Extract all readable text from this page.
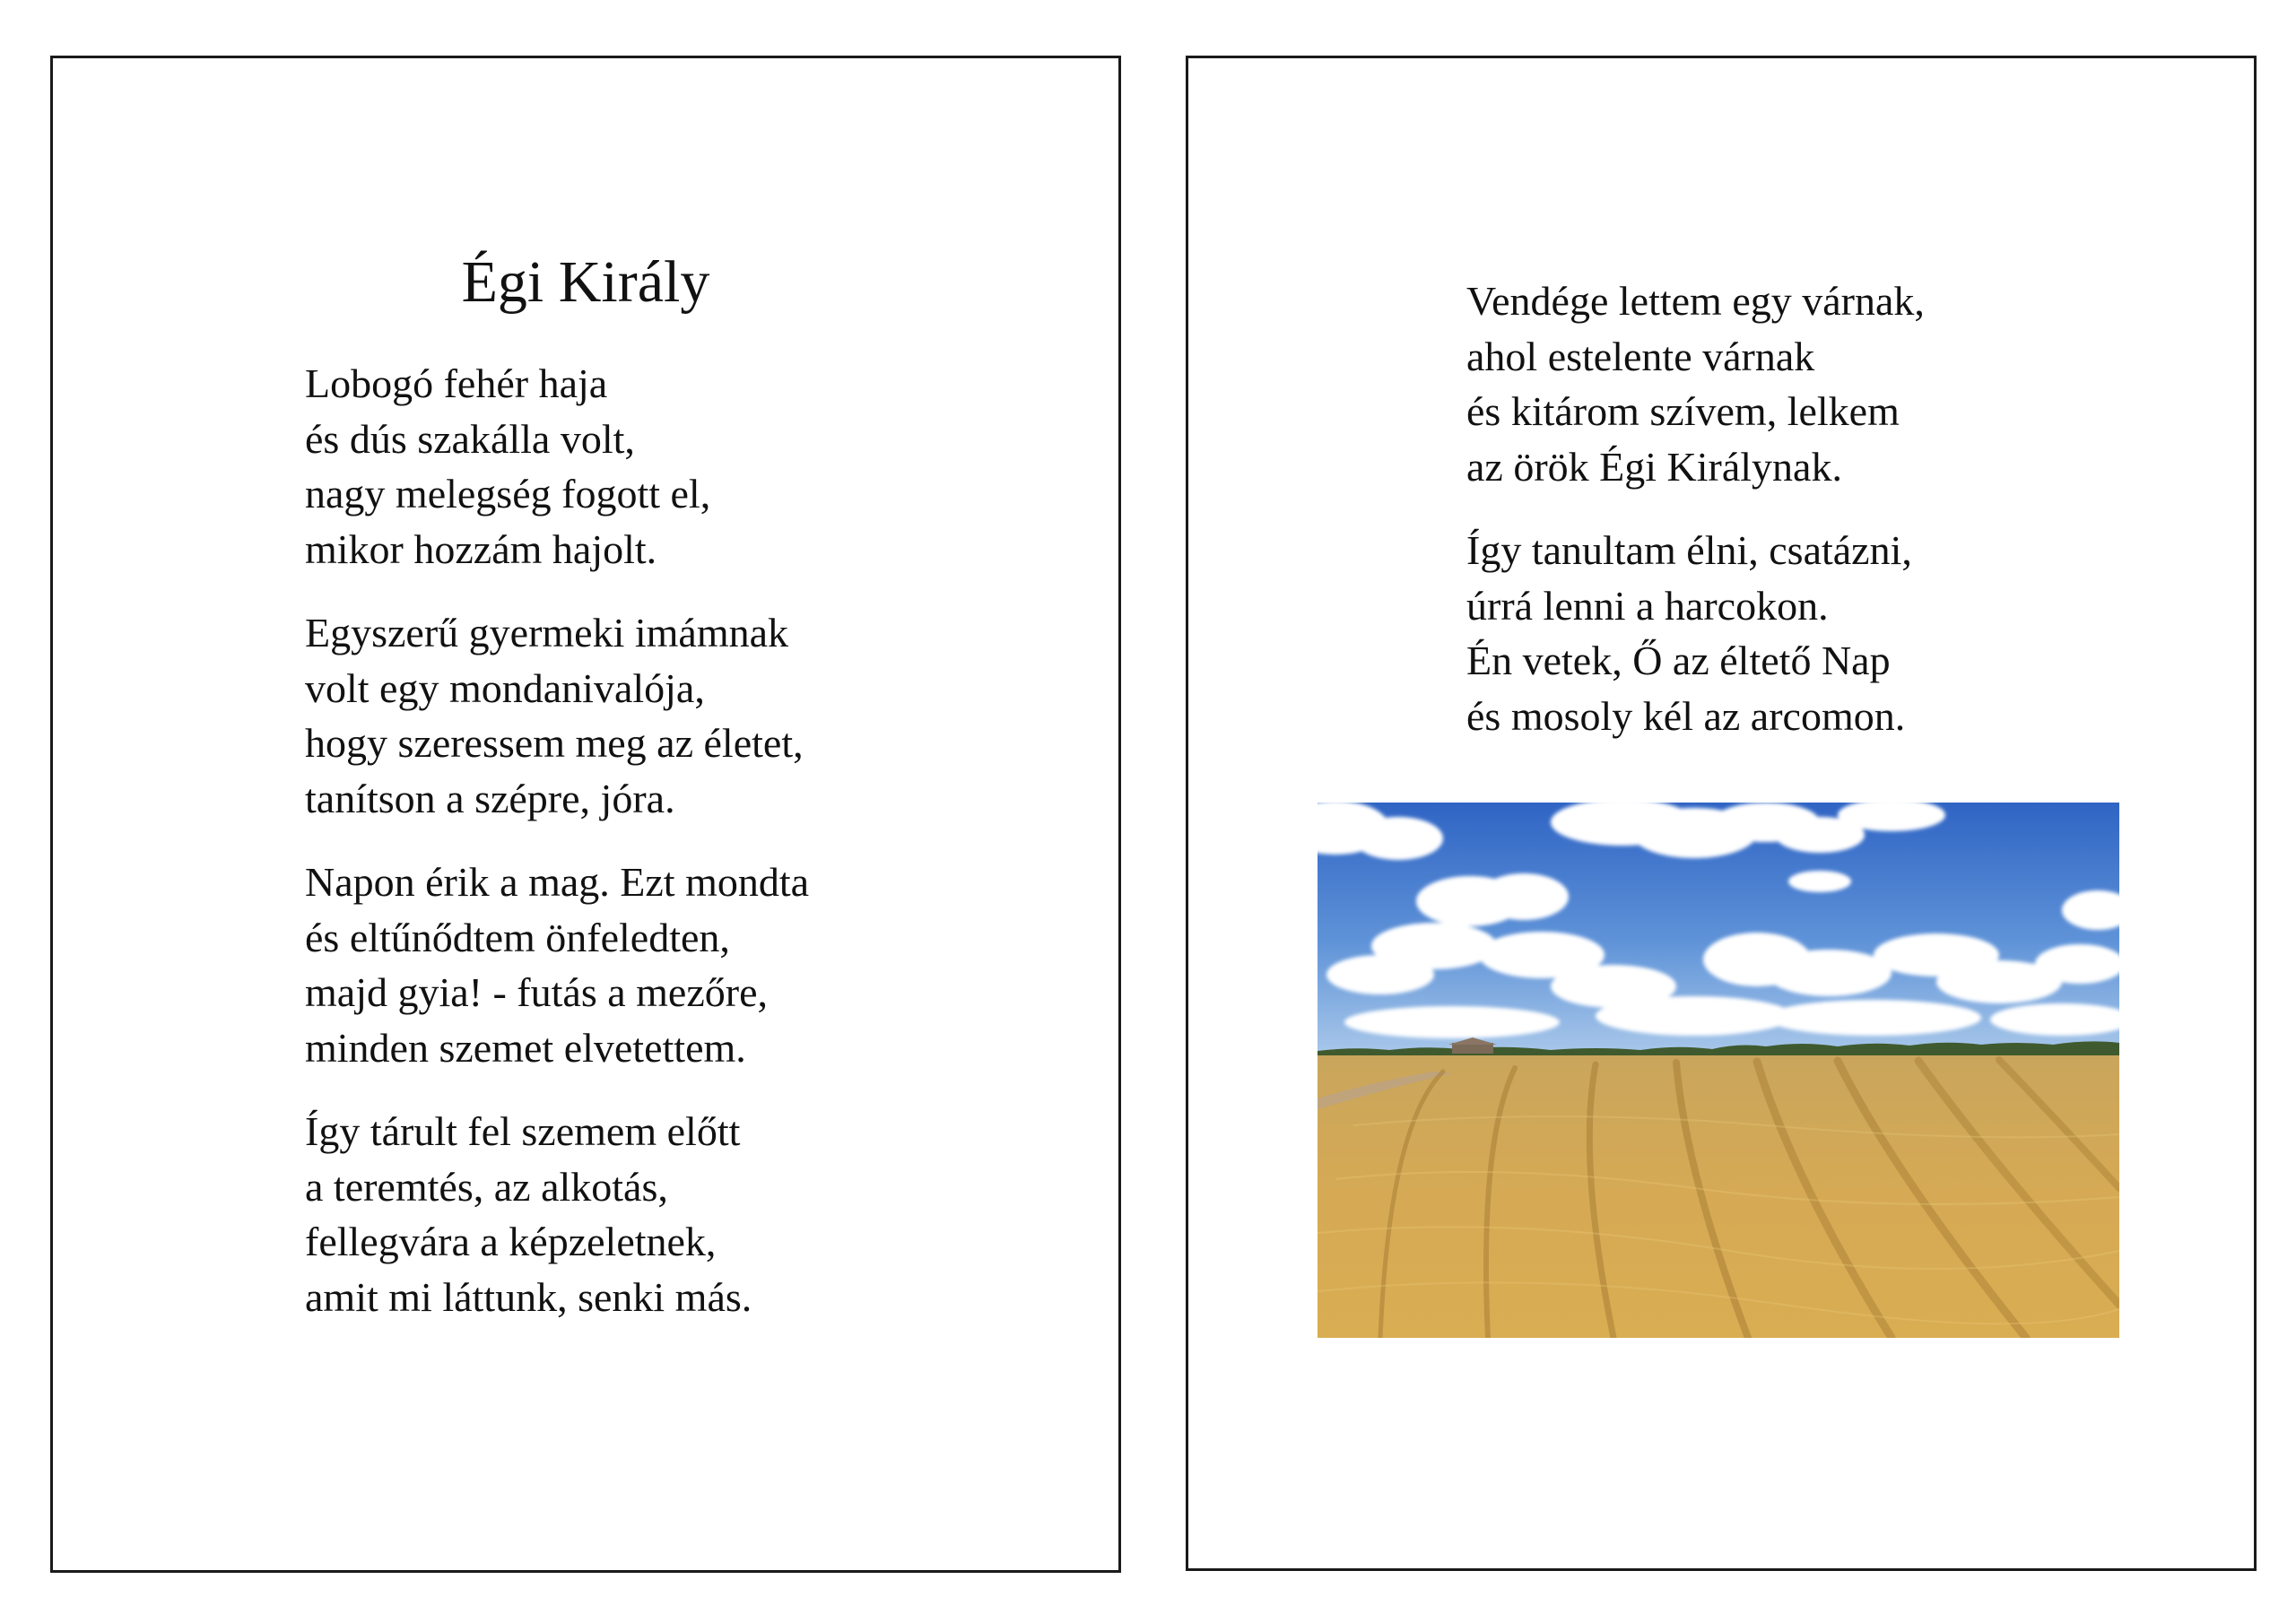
Égi Király

Lobogó fehér haja
és dús szakálla volt,
nagy melegség fogott el,
mikor hozzám hajolt.

Egyszerű gyermeki imámnak
volt egy mondanivalója,
hogy szeressem meg az életet,
tanítson a szépre, jóra.

Napon érik a mag. Ezt mondta
és eltűnődtem önfeledten,
majd gyia! - futás a mezőre,
minden szemet elvetettem.

Így tárult fel szemem előtt
a teremtés, az alkotás,
fellegvára a képzeletnek,
amit mi láttunk, senki más.

Vendége lettem egy várnak,
ahol estelente várnak
és kitárom szívem, lelkem
az örök Égi Királynak.

Így tanultam élni, csatázni,
úrrá lenni a harcokon.
Én vetek, Ő az éltető Nap
és mosoly kél az arcomon.
